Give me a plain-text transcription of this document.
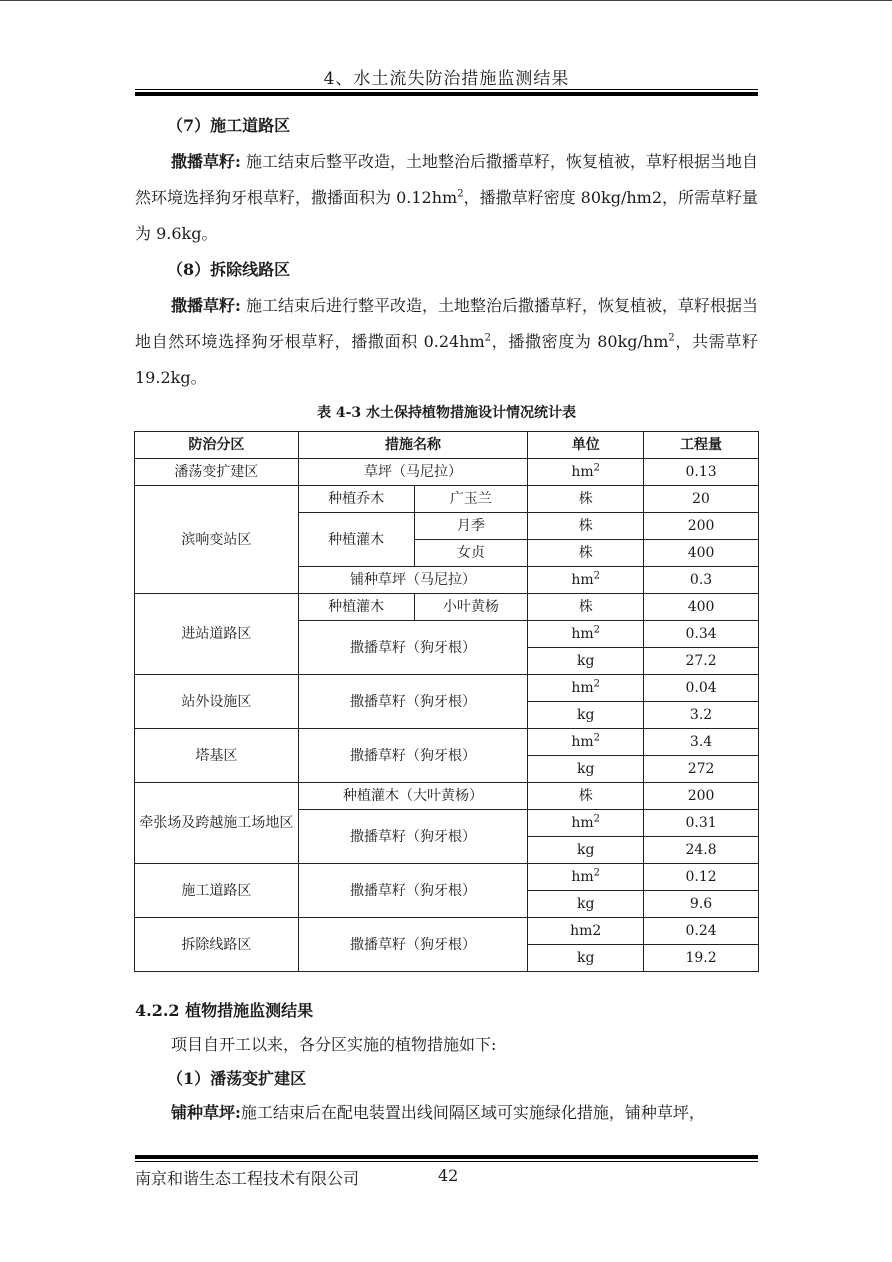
4、水土流失防治措施监测结果

（7）施工道路区

撒播草籽: 施工结束后整平改造，土地整治后撒播草籽，恢复植被，草籽根据当地自然环境选择狗牙根草籽，撒播面积为 $0.12hm^2$，播撒草籽密度 80kg/hm2，所需草籽量为 9.6kg。

（8）拆除线路区

撒播草籽: 施工结束后进行整平改造，土地整治后撒播草籽，恢复植被，草籽根据当地自然环境选择狗牙根草籽，播撒面积 $0.24hm^2$，播撒密度为 $80kg/hm^2$，共需草籽 19.2kg。

表 4-3 水土保持植物措施设计情况统计表
防治分区	措施名称		单位	工程量
潘荡变扩建区	草坪（马尼拉）		$hm^2$	0.13
滨响变站区	种植乔木	广玉兰	株	20
	种植灌木	月季	株	200
		女贞	株	400
	铺种草坪（马尼拉）		$hm^2$	0.3
进站道路区	种植灌木	小叶黄杨	株	400
	撒播草籽（狗牙根）		$hm^2$	0.34
			kg	27.2
站外设施区	撒播草籽（狗牙根）		$hm^2$	0.04
			kg	3.2
塔基区	撒播草籽（狗牙根）		$hm^2$	3.4
			kg	272
牵张场及跨越施工场地区	种植灌木（大叶黄杨）		株	200
	撒播草籽（狗牙根）		$hm^2$	0.31
			kg	24.8
施工道路区	撒播草籽（狗牙根）		$hm^2$	0.12
			kg	9.6
拆除线路区	撒播草籽（狗牙根）		hm2	0.24
			kg	19.2

4.2.2 植物措施监测结果

项目自开工以来，各分区实施的植物措施如下:

（1）潘荡变扩建区

铺种草坪:施工结束后在配电装置出线间隔区域可实施绿化措施，铺种草坪，

南京和谐生态工程技术有限公司	42
